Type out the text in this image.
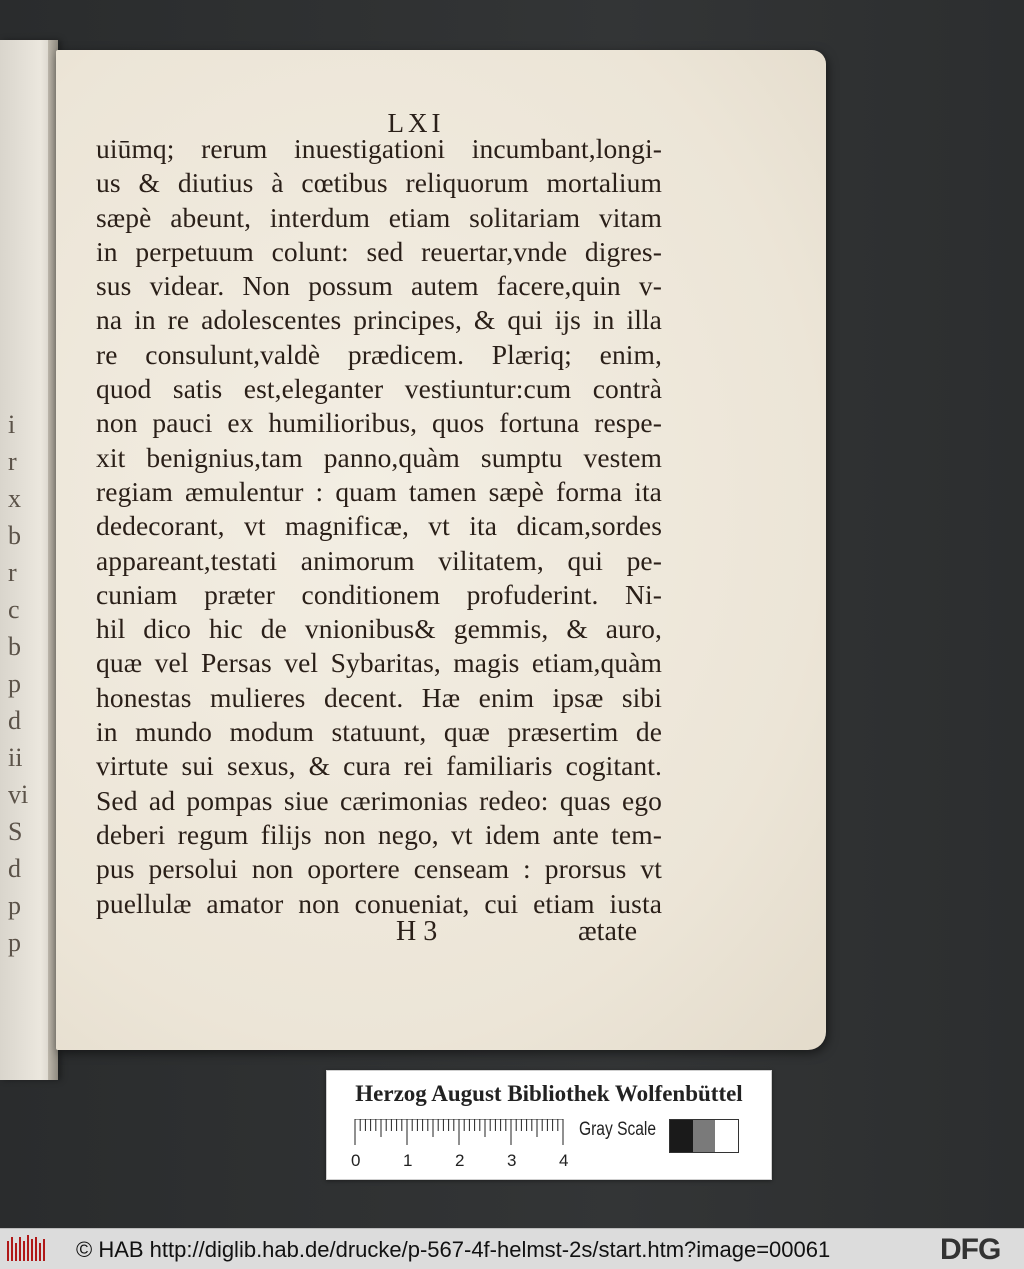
i
r
x
b
r
c
b
p
d
ii
vi
S
d
p
p
LXI
uiūmq; rerum inuestigationi incumbant,longi-
us & diutius à cœtibus reliquorum mortalium
sæpè abeunt, interdum etiam solitariam vitam
in perpetuum colunt: sed reuertar,vnde digres-
sus videar. Non possum autem facere,quin v-
na in re adolescentes principes, & qui ijs in illa
re consulunt,valdè prædicem. Plæriq; enim,
quod satis est,eleganter vestiuntur:cum contrà
non pauci ex humilioribus, quos fortuna respe-
xit benignius,tam panno,quàm sumptu vestem
regiam æmulentur : quam tamen sæpè forma ita
dedecorant, vt magnificæ, vt ita dicam,sordes
appareant,testati animorum vilitatem, qui pe-
cuniam præter conditionem profuderint. Ni-
hil dico hic de vnionibus& gemmis, & auro,
quæ vel Persas vel Sybaritas, magis etiam,quàm
honestas mulieres decent. Hæ enim ipsæ sibi
in mundo modum statuunt, quæ præsertim de
virtute sui sexus, & cura rei familiaris cogitant.
Sed ad pompas siue cærimonias redeo: quas ego
deberi regum filijs non nego, vt idem ante tem-
pus persolui non oportere censeam : prorsus vt
puellulæ amator non conueniat, cui etiam iusta
H 3	ætate
Herzog August Bibliothek Wolfenbüttel
0	1	2	3	4
Gray Scale
© HAB http://diglib.hab.de/drucke/p-567-4f-helmst-2s/start.htm?image=00061	DFG
